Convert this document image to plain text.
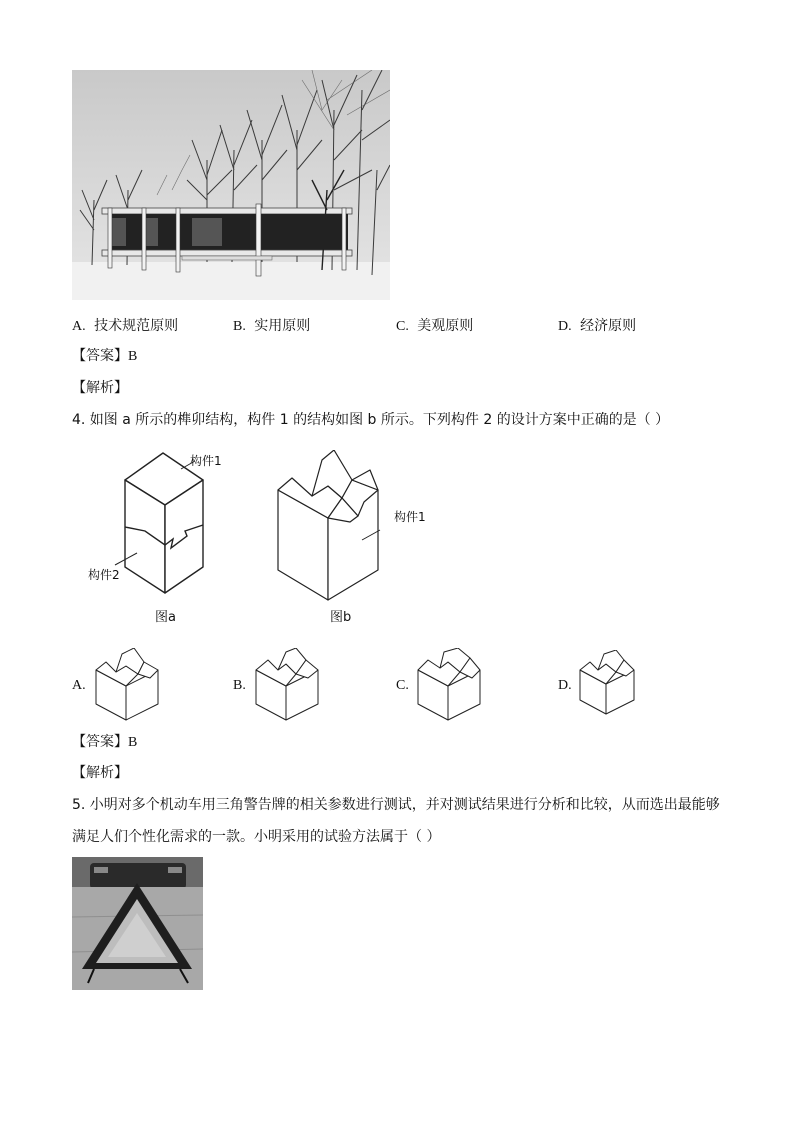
A. 技术规范原则	B. 实用原则	C. 美观原则	D. 经济原则
【答案】B
【解析】
4. 如图 a 所示的榫卯结构，构件 1 的结构如图 b 所示。下列构件 2 的设计方案中正确的是（ ）
构件1
构件2
图a
构件1
图b
A.	B.	C.	D.
【答案】B
【解析】
5. 小明对多个机动车用三角警告牌的相关参数进行测试，并对测试结果进行分析和比较，从而选出最能够
满足人们个性化需求的一款。小明采用的试验方法属于（ ）
